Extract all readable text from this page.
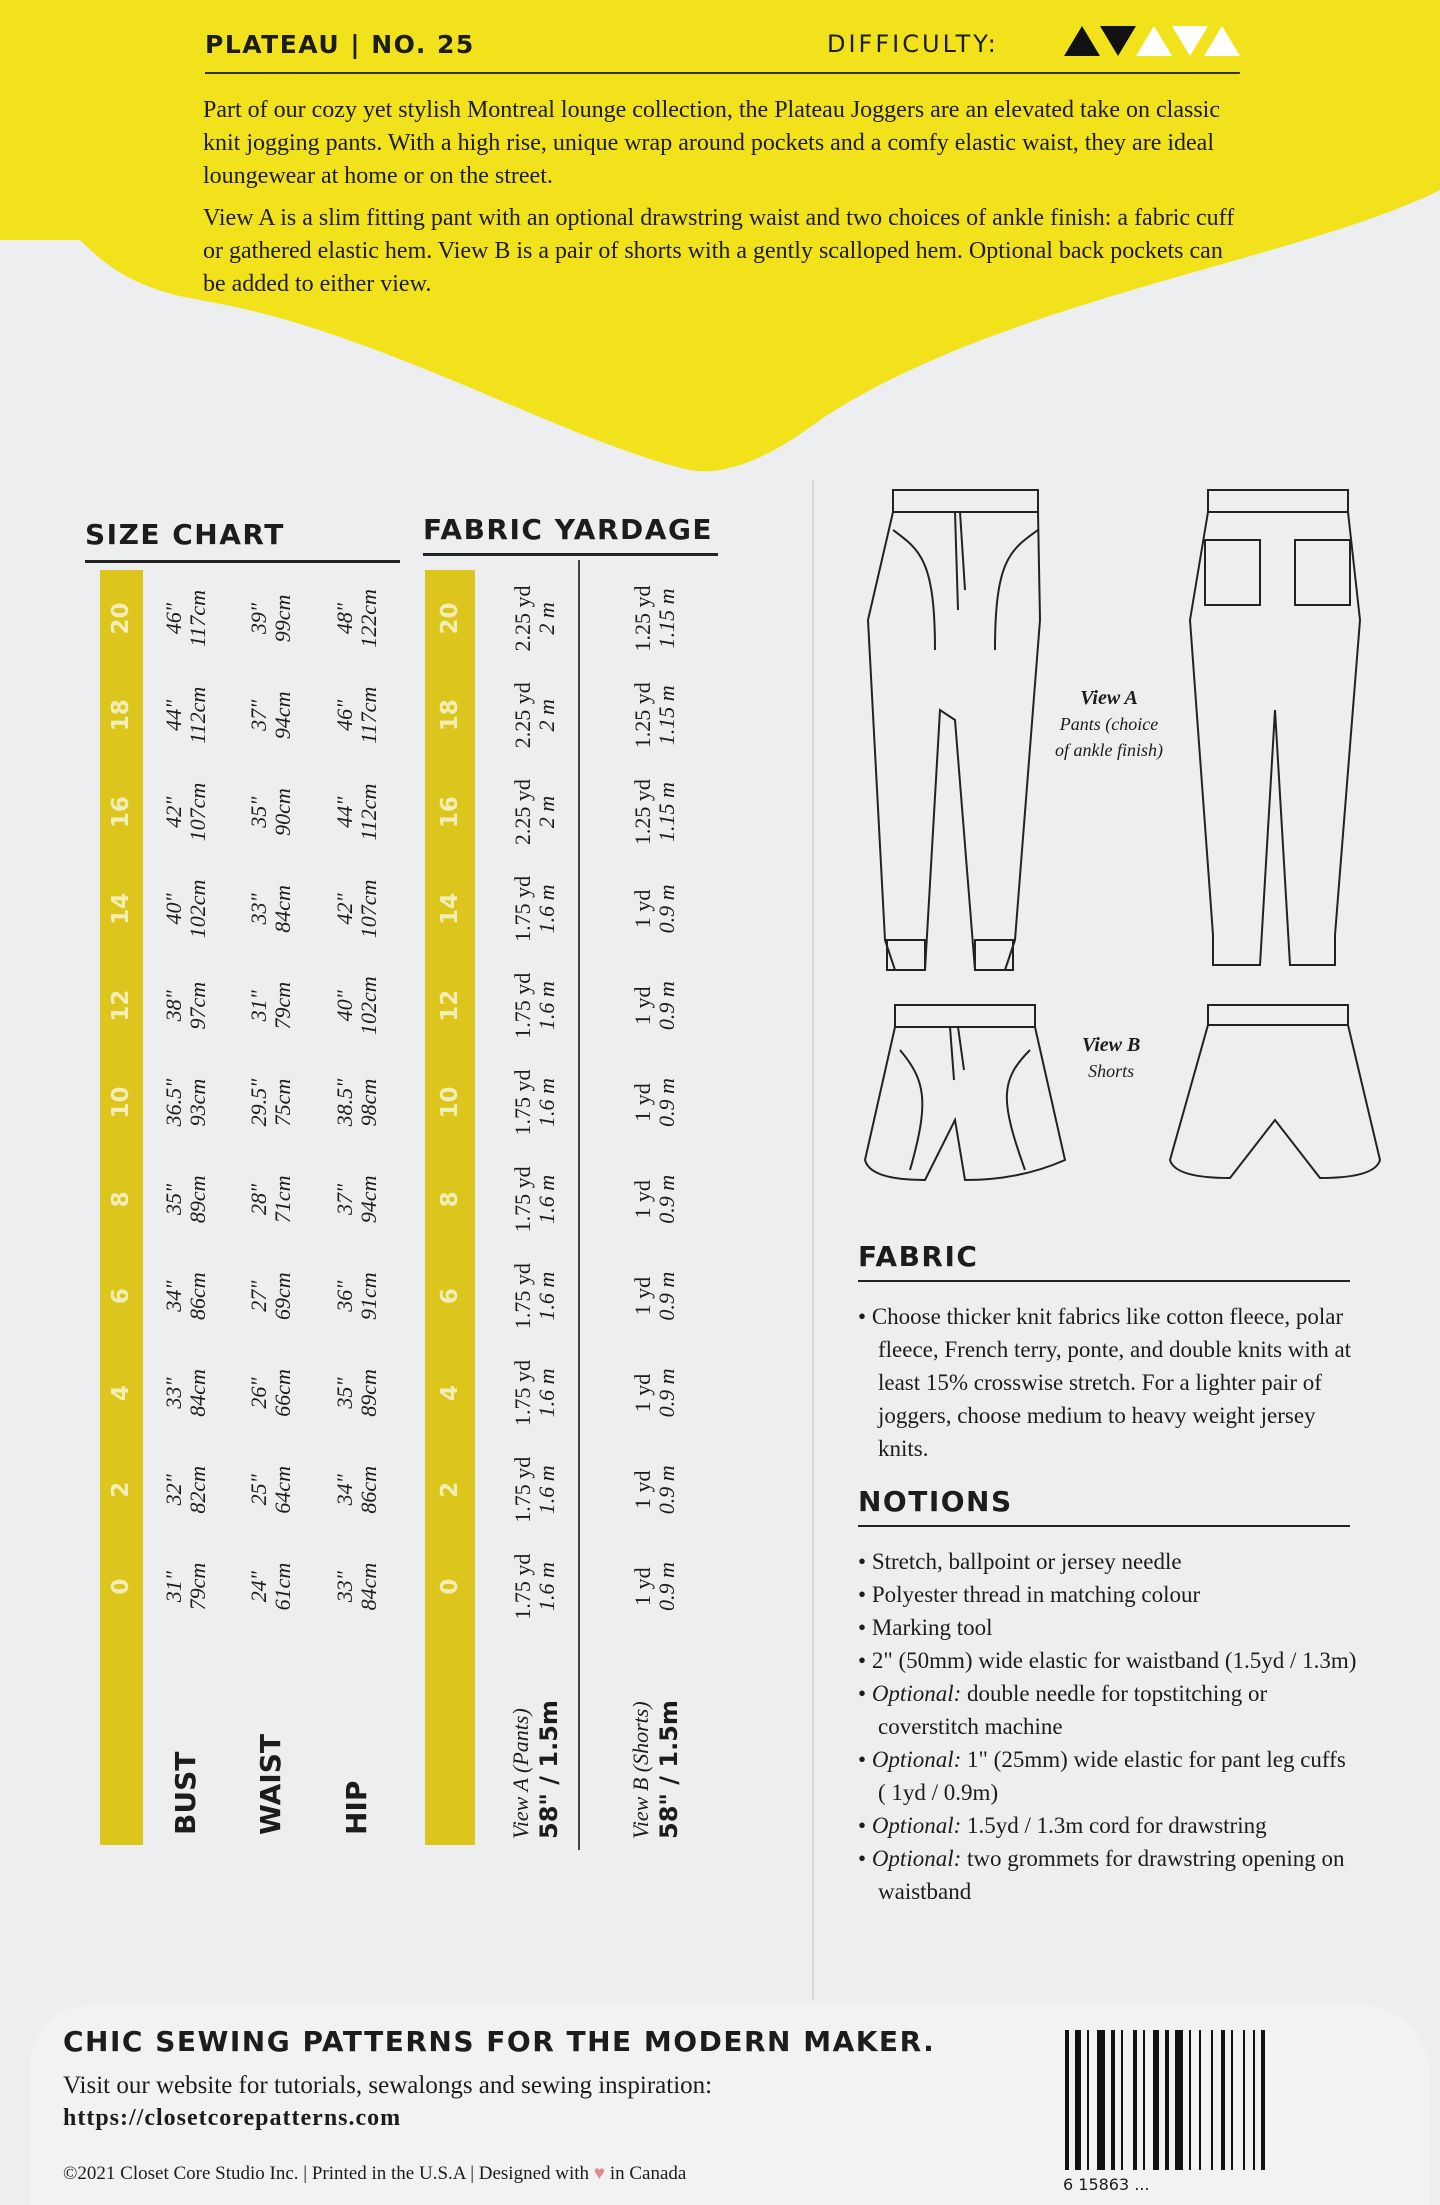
PLATEAU | NO. 25	DIFFICULTY:
Part of our cozy yet stylish Montreal lounge collection, the Plateau Joggers are an elevated take on classic knit jogging pants. With a high rise, unique wrap around pockets and a comfy elastic waist, they are ideal loungewear at home or on the street.
View A is a slim fitting pant with an optional drawstring waist and two choices of ankle finish: a fabric cuff or gathered elastic hem. View B is a pair of shorts with a gently scalloped hem. Optional back pockets can be added to either view.
SIZE CHART	FABRIC YARDAGE
	0	2	4	6	8	10	12	14	16	18	20
BUST	31" 79cm	32" 82cm	33" 84cm	34" 86cm	35" 89cm	36.5" 93cm	38" 97cm	40" 102cm	42" 107cm	44" 112cm	46" 117cm

WAIST	24" 61cm	25" 64cm	26" 66cm	27" 69cm	28" 71cm	29.5" 75cm	31" 79cm	33" 84cm	35" 90cm	37" 94cm	39" 99cm

HIP	33" 84cm	34" 86cm	35" 89cm	36" 91cm	37" 94cm	38.5" 98cm	40" 102cm	42" 107cm	44" 112cm	46" 117cm	48" 122cm
	0	2	4	6	8	10	12	14	16	18	20
View A (Pants)
58" / 1.5m	1.75 yd 1.6 m	1.75 yd 1.6 m	1.75 yd 1.6 m	1.75 yd 1.6 m	1.75 yd 1.6 m	1.75 yd 1.6 m	1.75 yd 1.6 m	1.75 yd 1.6 m	2.25 yd 2 m	2.25 yd 2 m	2.25 yd 2 m

View B (Shorts)
58" / 1.5m	1 yd 0.9 m	1 yd 0.9 m	1 yd 0.9 m	1 yd 0.9 m	1 yd 0.9 m	1 yd 0.9 m	1 yd 0.9 m	1 yd 0.9 m	1.25 yd 1.15 m	1.25 yd 1.15 m	1.25 yd 1.15 m
View A
Pants (choice
of ankle finish)
View B
Shorts
FABRIC
• Choose thicker knit fabrics like cotton fleece, polar fleece, French terry, ponte, and double knits with at least 15% crosswise stretch. For a lighter pair of joggers, choose medium to heavy weight jersey knits.
NOTIONS
• Stretch, ballpoint or jersey needle
• Polyester thread in matching colour
• Marking tool
• 2" (50mm) wide elastic for waistband (1.5yd / 1.3m)
• Optional: double needle for topstitching or coverstitch machine
• Optional: 1" (25mm) wide elastic for pant leg cuffs ( 1yd / 0.9m)
• Optional: 1.5yd / 1.3m cord for drawstring
• Optional: two grommets for drawstring opening on waistband
CHIC SEWING PATTERNS FOR THE MODERN MAKER.
Visit our website for tutorials, sewalongs and sewing inspiration:
https://closetcorepatterns.com
©2021 Closet Core Studio Inc. | Printed in the U.S.A | Designed with ♥ in Canada
6 15863 ...
